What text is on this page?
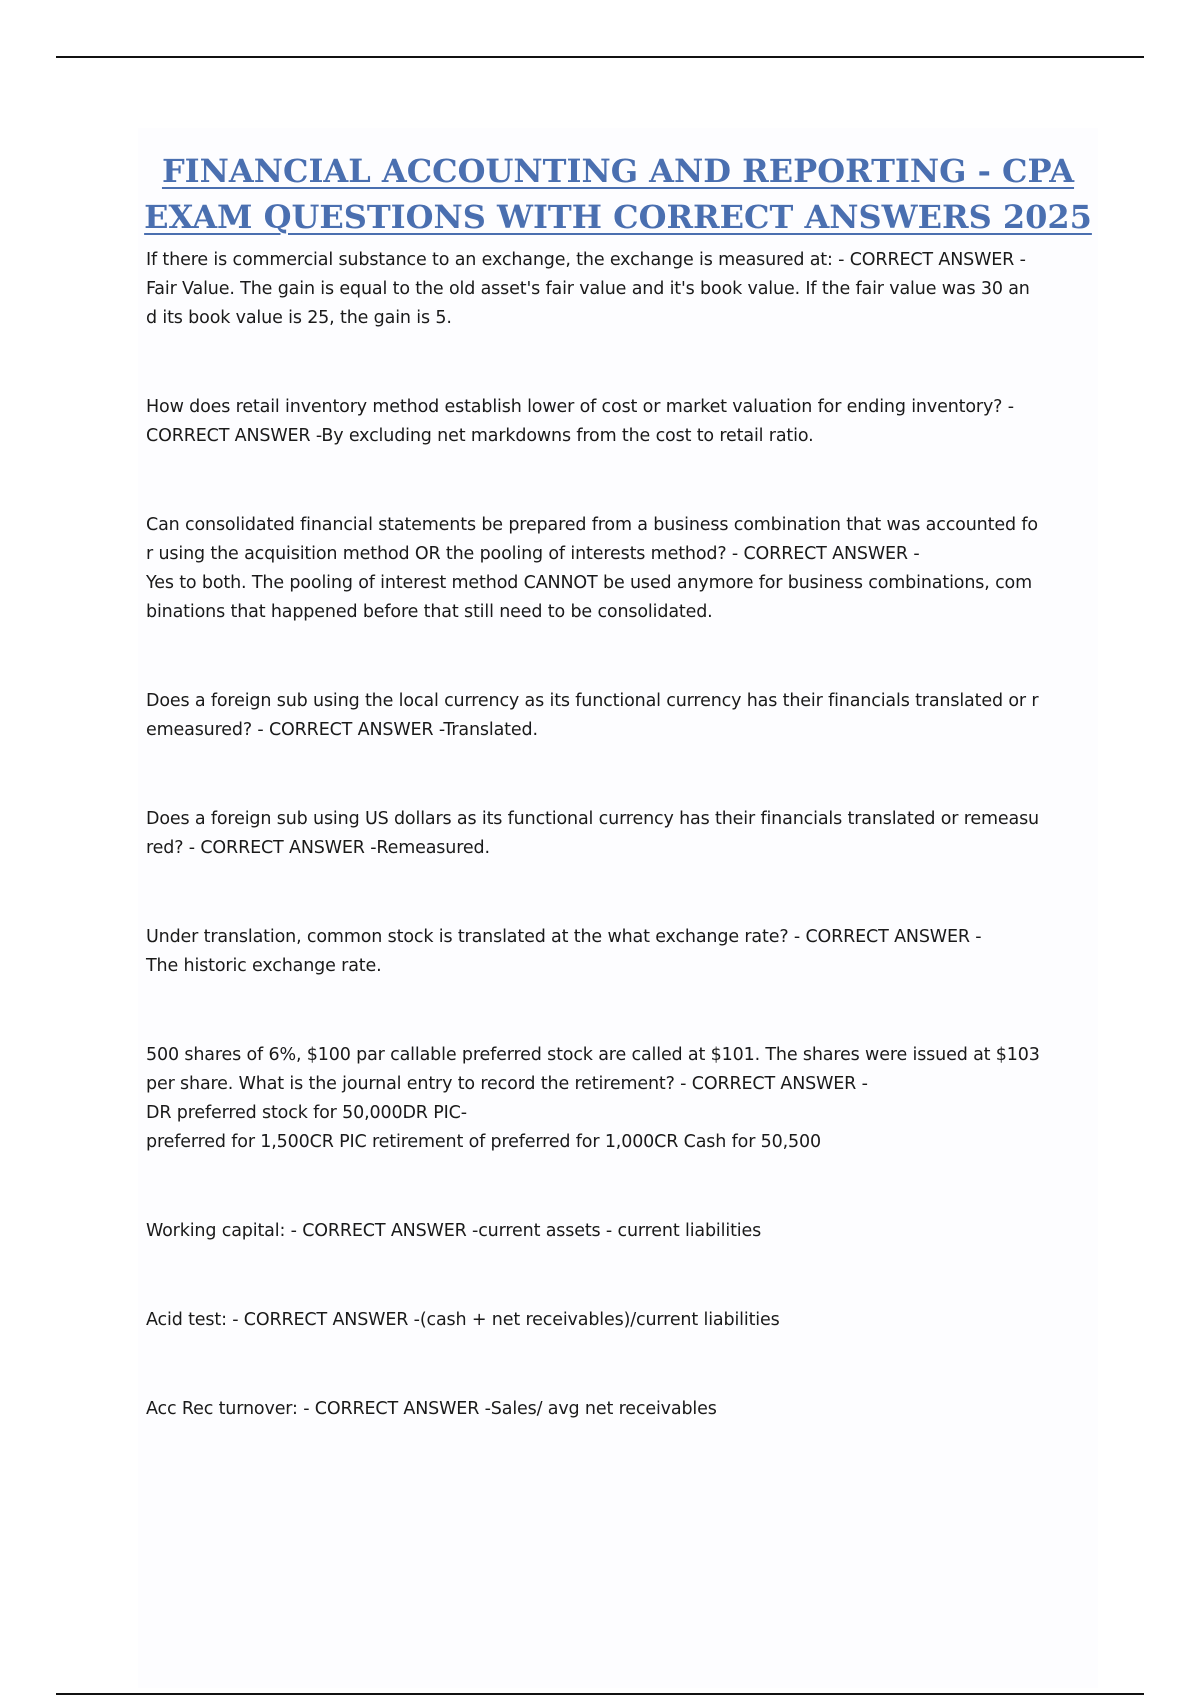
FINANCIAL ACCOUNTING AND REPORTING - CPA
EXAM QUESTIONS WITH CORRECT ANSWERS 2025

If there is commercial substance to an exchange, the exchange is measured at: - CORRECT ANSWER -
Fair Value. The gain is equal to the old asset's fair value and it's book value. If the fair value was 30 an
d its book value is 25, the gain is 5.

How does retail inventory method establish lower of cost or market valuation for ending inventory? -
CORRECT ANSWER -By excluding net markdowns from the cost to retail ratio.

Can consolidated financial statements be prepared from a business combination that was accounted fo
r using the acquisition method OR the pooling of interests method? - CORRECT ANSWER -
Yes to both. The pooling of interest method CANNOT be used anymore for business combinations, com
binations that happened before that still need to be consolidated.

Does a foreign sub using the local currency as its functional currency has their financials translated or r
emeasured? - CORRECT ANSWER -Translated.

Does a foreign sub using US dollars as its functional currency has their financials translated or remeasu
red? - CORRECT ANSWER -Remeasured.

Under translation, common stock is translated at the what exchange rate? - CORRECT ANSWER -
The historic exchange rate.

500 shares of 6%, $100 par callable preferred stock are called at $101. The shares were issued at $103
per share. What is the journal entry to record the retirement? - CORRECT ANSWER -
DR preferred stock for 50,000DR PIC-
preferred for 1,500CR PIC retirement of preferred for 1,000CR Cash for 50,500

Working capital: - CORRECT ANSWER -current assets - current liabilities

Acid test: - CORRECT ANSWER -(cash + net receivables)/current liabilities

Acc Rec turnover: - CORRECT ANSWER -Sales/ avg net receivables
